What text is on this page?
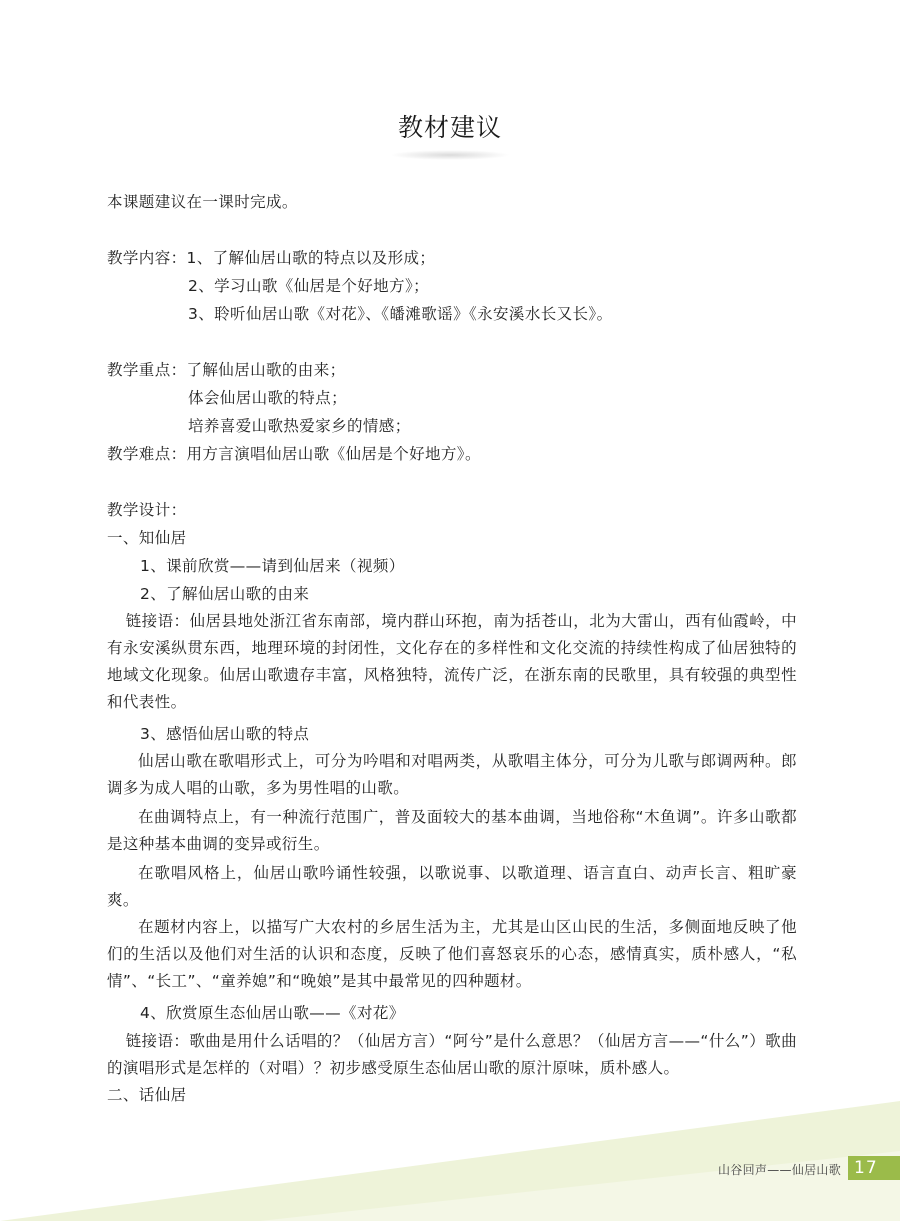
教材建议
本课题建议在一课时完成。
教学内容：1、了解仙居山歌的特点以及形成；
2、学习山歌《仙居是个好地方》；
3、聆听仙居山歌《对花》、《皤滩歌谣》《永安溪水长又长》。
教学重点：了解仙居山歌的由来；
体会仙居山歌的特点；
培养喜爱山歌热爱家乡的情感；
教学难点：用方言演唱仙居山歌《仙居是个好地方》。
教学设计：
一、知仙居
1、课前欣赏——请到仙居来（视频）
2、了解仙居山歌的由来
链接语：仙居县地处浙江省东南部，境内群山环抱，南为括苍山，北为大雷山，西有仙霞岭，中有永安溪纵贯东西，地理环境的封闭性，文化存在的多样性和文化交流的持续性构成了仙居独特的地域文化现象。仙居山歌遗存丰富，风格独特，流传广泛，在浙东南的民歌里，具有较强的典型性和代表性。
3、感悟仙居山歌的特点
仙居山歌在歌唱形式上，可分为吟唱和对唱两类，从歌唱主体分，可分为儿歌与郎调两种。郎调多为成人唱的山歌，多为男性唱的山歌。
在曲调特点上，有一种流行范围广，普及面较大的基本曲调，当地俗称“木鱼调”。许多山歌都是这种基本曲调的变异或衍生。
在歌唱风格上，仙居山歌吟诵性较强，以歌说事、以歌道理、语言直白、动声长言、粗旷豪爽。
在题材内容上，以描写广大农村的乡居生活为主，尤其是山区山民的生活，多侧面地反映了他们的生活以及他们对生活的认识和态度，反映了他们喜怒哀乐的心态，感情真实，质朴感人，“私情”、“长工”、“童养媳”和“晚娘”是其中最常见的四种题材。
4、欣赏原生态仙居山歌——《对花》
链接语：歌曲是用什么话唱的？（仙居方言）“阿兮”是什么意思？（仙居方言——“什么”）歌曲的演唱形式是怎样的（对唱）？初步感受原生态仙居山歌的原汁原味，质朴感人。
二、话仙居
山谷回声——仙居山歌 17
